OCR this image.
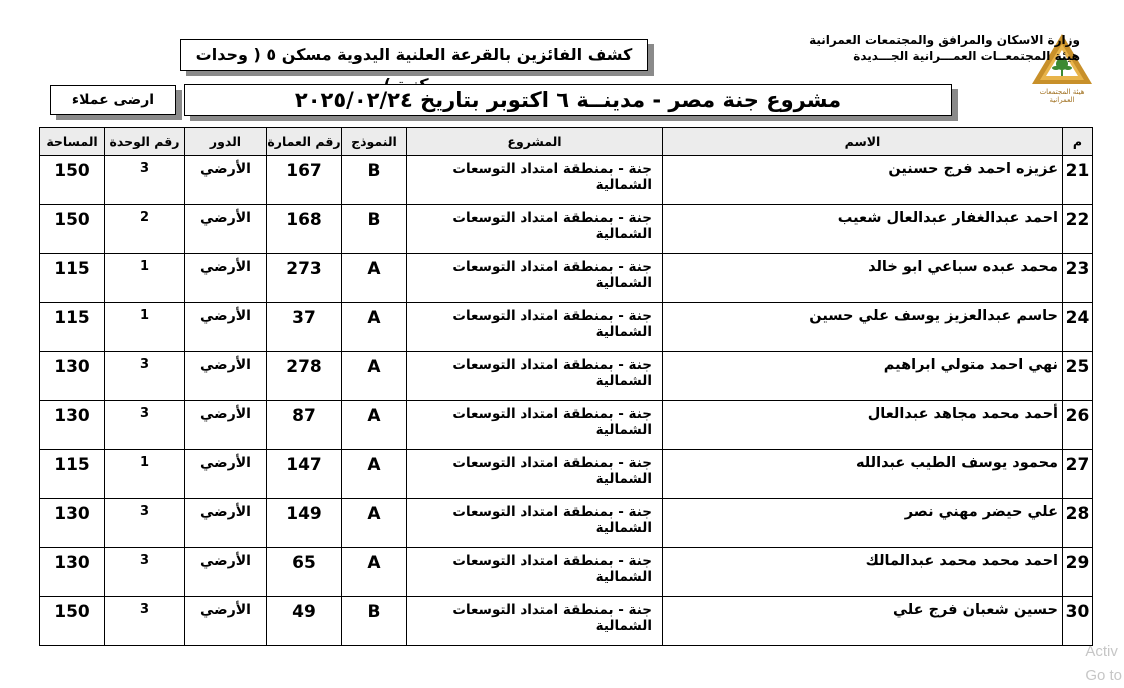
هيئة المجتمعات العمرانية
وزارة الاسكان والمرافق والمجتمعات العمرانية
هيئة المجتمعــات العمـــرانية الجـــديدة
كشف الفائزين بالقرعة العلنية اليدوية مسكن ٥ ( وحدات
ارضى عملاء	مشروع جنة مصر - مدينــة ٦ اكتوبر بتاريخ ٢٠٢٥/٠٢/٢٤
المساحة	رقم الوحدة	الدور	رقم العمارة	النموذج	المشروع	الاسم	م
150	3	الأرضي	167	B	جنة - بمنطقة امتداد التوسعات الشمالية	عزيزه احمد فرج حسنين	21
150	2	الأرضي	168	B	جنة - بمنطقة امتداد التوسعات الشمالية	احمد عبدالغفار عبدالعال شعيب	22
115	1	الأرضي	273	A	جنة - بمنطقة امتداد التوسعات الشمالية	محمد عبده سباعي ابو خالد	23
115	1	الأرضي	37	A	جنة - بمنطقة امتداد التوسعات الشمالية	حاسم عبدالعزيز يوسف علي حسين	24
130	3	الأرضي	278	A	جنة - بمنطقة امتداد التوسعات الشمالية	نهي احمد متولي ابراهيم	25
130	3	الأرضي	87	A	جنة - بمنطقة امتداد التوسعات الشمالية	أحمد محمد مجاهد عبدالعال	26
115	1	الأرضي	147	A	جنة - بمنطقة امتداد التوسعات الشمالية	محمود يوسف الطيب عبدالله	27
130	3	الأرضي	149	A	جنة - بمنطقة امتداد التوسعات الشمالية	علي حيضر مهني نصر	28
130	3	الأرضي	65	A	جنة - بمنطقة امتداد التوسعات الشمالية	احمد محمد محمد عبدالمالك	29
150	3	الأرضي	49	B	جنة - بمنطقة امتداد التوسعات الشمالية	حسين شعبان فرج علي	30
Activ
Go to
